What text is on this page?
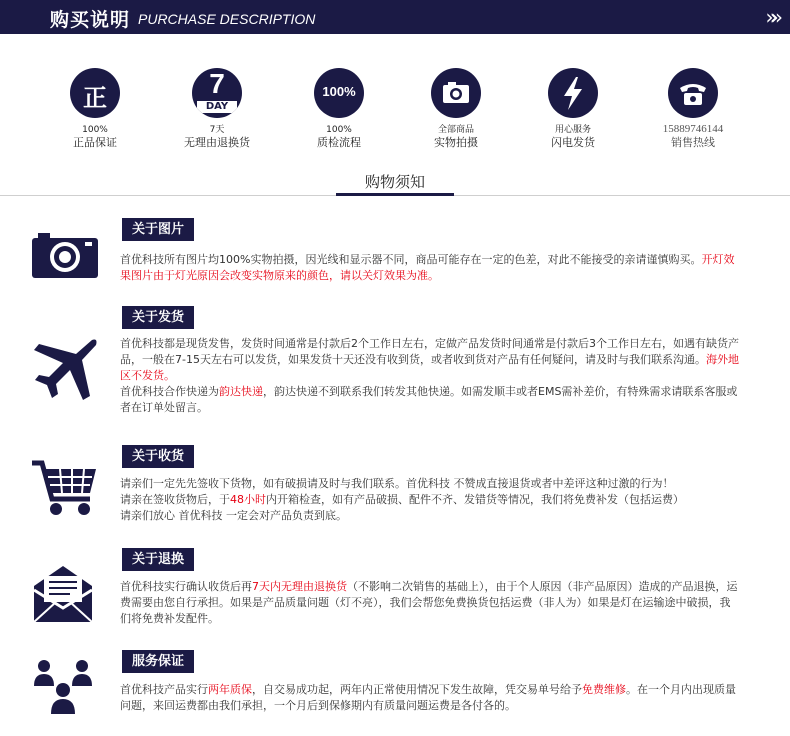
购买说明 PURCHASE DESCRIPTION	»»
正
100%
正品保证
7
DAY
7天
无理由退换货
100%
100%
质检流程
全部商品
实物拍摄
用心服务
闪电发货
15889746144
销售热线
购物须知
关于图片
首优科技所有图片均100%实物拍摄，因光线和显示器不同，商品可能存在一定的色差，对此不能接受的亲请谨慎购买。开灯效果图片由于灯光原因会改变实物原来的颜色，请以关灯效果为准。
关于发货
首优科技都是现货发售，发货时间通常是付款后2个工作日左右，定做产品发货时间通常是付款后3个工作日左右，如遇有缺货产品，一般在7-15天左右可以发货，如果发货十天还没有收到货，或者收到货对产品有任何疑问，请及时与我们联系沟通。海外地区不发货。
首优科技合作快递为韵达快递，韵达快递不到联系我们转发其他快递。如需发顺丰或者EMS需补差价，有特殊需求请联系客服或者在订单处留言。
关于收货
请亲们一定先先签收下货物，如有破损请及时与我们联系。首优科技 不赞成直接退货或者中差评这种过激的行为！
请亲在签收货物后，于48小时内开箱检查，如有产品破损、配件不齐、发错货等情况，我们将免费补发（包括运费）
请亲们放心 首优科技 一定会对产品负责到底。
关于退换
首优科技实行确认收货后再7天内无理由退换货（不影响二次销售的基础上），由于个人原因（非产品原因）造成的产品退换，运费需要由您自行承担。如果是产品质量问题（灯不亮），我们会帮您免费换货包括运费（非人为）如果是灯在运输途中破损，我们将免费补发配件。
服务保证
首优科技产品实行两年质保，自交易成功起，两年内正常使用情况下发生故障，凭交易单号给予免费维修。在一个月内出现质量问题，来回运费都由我们承担，一个月后到保修期内有质量问题运费是各付各的。
